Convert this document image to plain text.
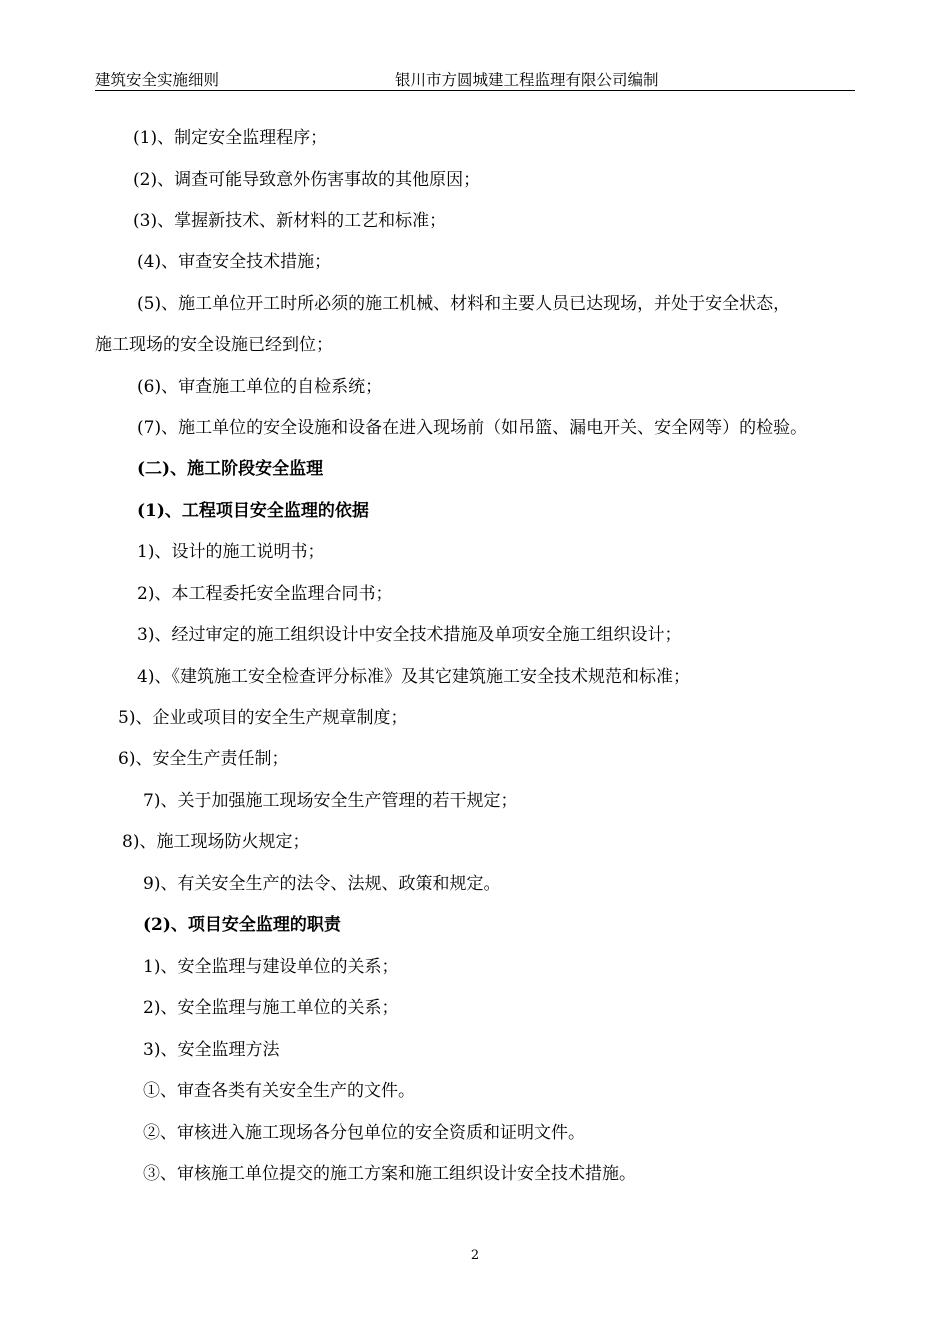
建筑安全实施细则	银川市方圆城建工程监理有限公司编制
(1)、制定安全监理程序；
(2)、调查可能导致意外伤害事故的其他原因；
(3)、掌握新技术、新材料的工艺和标准；
(4)、审查安全技术措施；
(5)、施工单位开工时所必须的施工机械、材料和主要人员已达现场，并处于安全状态，
施工现场的安全设施已经到位；
(6)、审查施工单位的自检系统；
(7)、施工单位的安全设施和设备在进入现场前（如吊篮、漏电开关、安全网等）的检验。
(二)、施工阶段安全监理
(1)、工程项目安全监理的依据
1)、设计的施工说明书；
2)、本工程委托安全监理合同书；
3)、经过审定的施工组织设计中安全技术措施及单项安全施工组织设计；
4)、《建筑施工安全检查评分标准》及其它建筑施工安全技术规范和标准；
5)、企业或项目的安全生产规章制度；
6)、安全生产责任制；
7)、关于加强施工现场安全生产管理的若干规定；
8)、施工现场防火规定；
9)、有关安全生产的法令、法规、政策和规定。
(2)、项目安全监理的职责
1)、安全监理与建设单位的关系；
2)、安全监理与施工单位的关系；
3)、安全监理方法
①、审查各类有关安全生产的文件。
②、审核进入施工现场各分包单位的安全资质和证明文件。
③、审核施工单位提交的施工方案和施工组织设计安全技术措施。
2
